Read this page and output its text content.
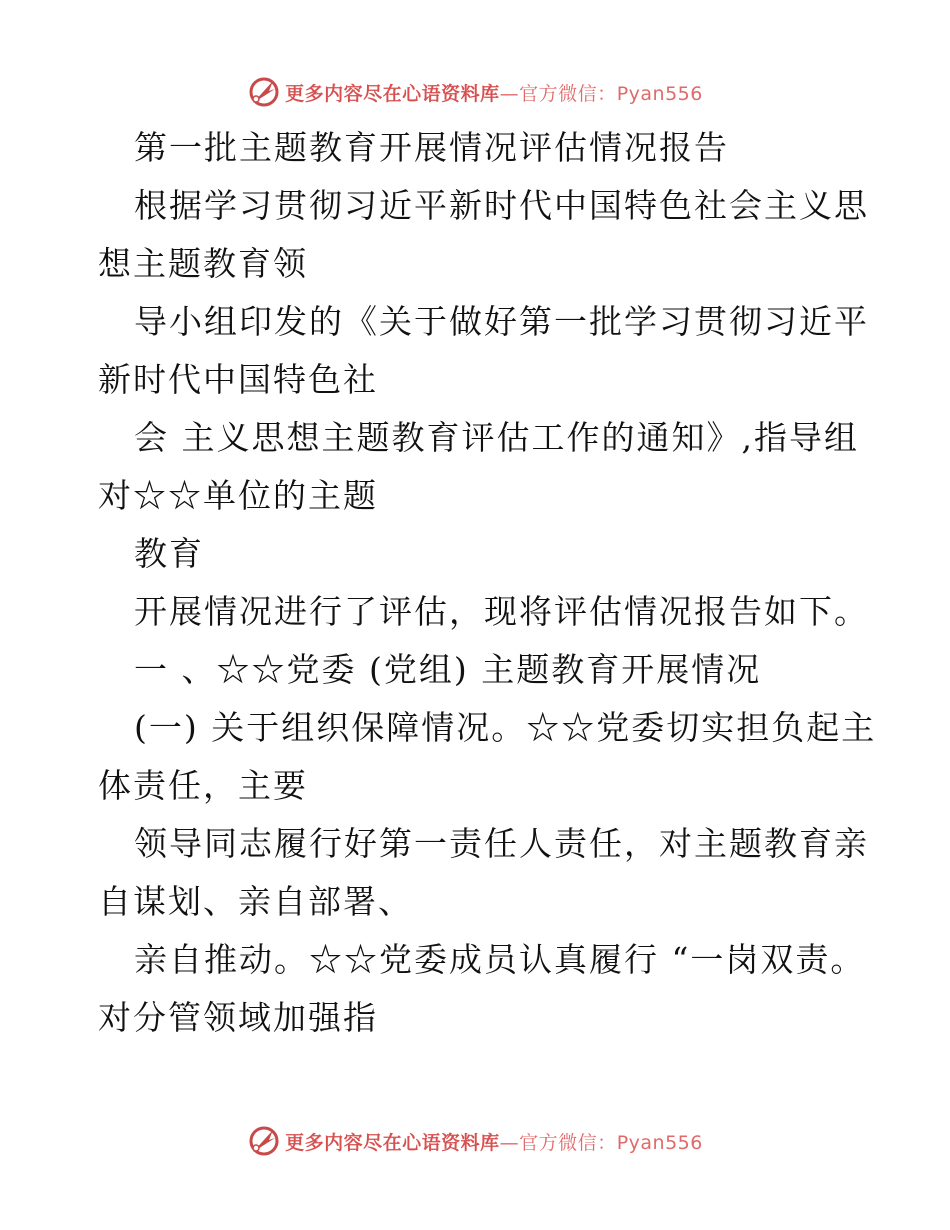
更多内容尽在心语资料库—官方微信：Pyan556
第一批主题教育开展情况评估情况报告
根据学习贯彻习近平新时代中国特色社会主义思
想主题教育领
导小组印发的《关于做好第一批学习贯彻习近平
新时代中国特色社
会 主义思想主题教育评估工作的通知》,指导组
对☆☆单位的主题
教育
开展情况进行了评估，现将评估情况报告如下。
一 、☆☆党委 (党组) 主题教育开展情况
(一) 关于组织保障情况。☆☆党委切实担负起主
体责任，主要
领导同志履行好第一责任人责任，对主题教育亲
自谋划、亲自部署、
亲自推动。☆☆党委成员认真履行 “一岗双责。
对分管领域加强指
更多内容尽在心语资料库—官方微信：Pyan556
